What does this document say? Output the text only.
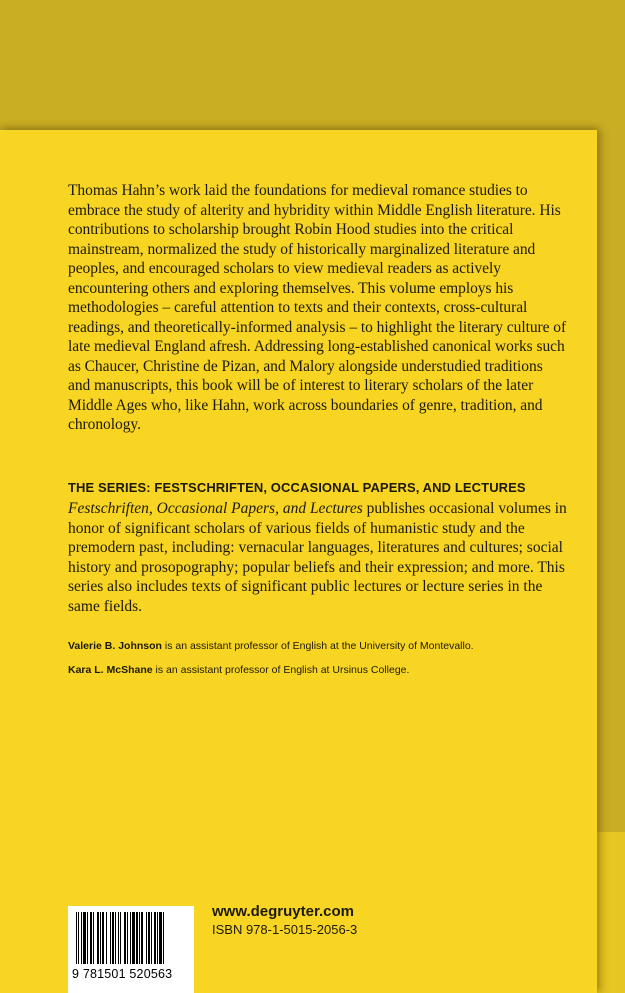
Thomas Hahn’s work laid the foundations for medieval romance studies to embrace the study of alterity and hybridity within Middle English literature. His contributions to scholarship brought Robin Hood studies into the critical mainstream, normalized the study of historically marginalized literature and peoples, and encouraged scholars to view medieval readers as actively encountering others and exploring themselves. This volume employs his methodologies – careful attention to texts and their contexts, cross-cultural readings, and theoretically-informed analysis – to highlight the literary culture of late medieval England afresh. Addressing long-established canonical works such as Chaucer, Christine de Pizan, and Malory alongside understudied traditions and manuscripts, this book will be of interest to literary scholars of the later Middle Ages who, like Hahn, work across boundaries of genre, tradition, and chronology.

THE SERIES: FESTSCHRIFTEN, OCCASIONAL PAPERS, AND LECTURES

Festschriften, Occasional Papers, and Lectures publishes occasional volumes in honor of significant scholars of various fields of humanistic study and the premodern past, including: vernacular languages, literatures and cultures; social history and prosopography; popular beliefs and their expression; and more. This series also includes texts of significant public lectures or lecture series in the same fields.

Valerie B. Johnson is an assistant professor of English at the University of Montevallo.

Kara L. McShane is an assistant professor of English at Ursinus College.

9 781501 520563
www.degruyter.com
ISBN 978-1-5015-2056-3
